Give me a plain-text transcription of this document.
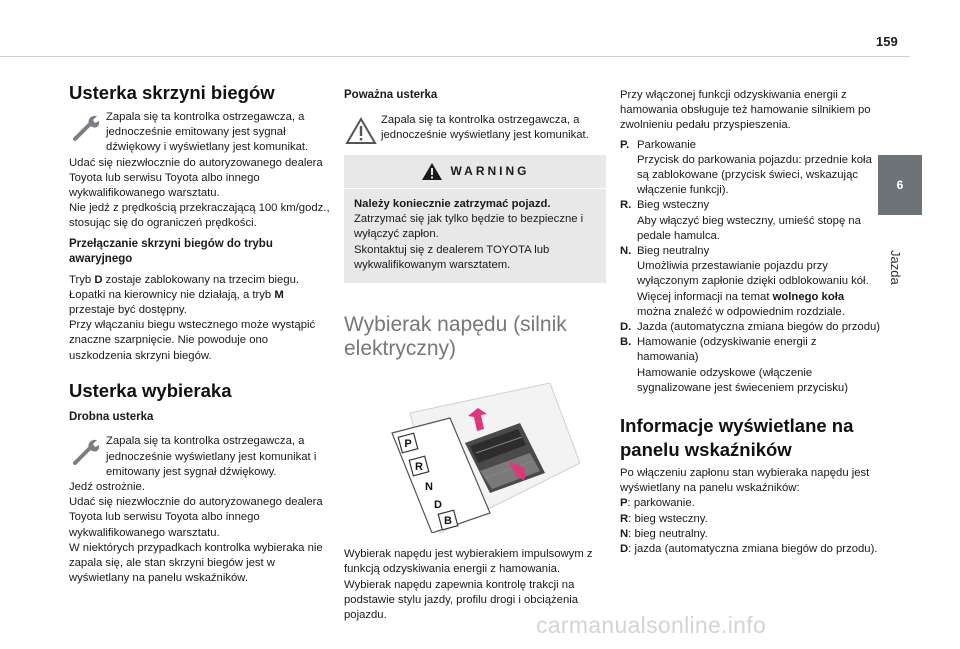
159
6
Jazda
Usterka skrzyni biegów

Zapala się ta kontrolka ostrzegawcza, a jednocześnie emitowany jest sygnał dźwiękowy i wyświetlany jest komunikat.

Udać się niezwłocznie do autoryzowanego dealera Toyota lub serwisu Toyota albo innego wykwalifikowanego warsztatu.

Nie jedź z prędkością przekraczającą 100 km/godz., stosując się do ograniczeń prędkości.

Przełączanie skrzyni biegów do trybu awaryjnego

Tryb D zostaje zablokowany na trzecim biegu.

Łopatki na kierownicy nie działają, a tryb M przestaje być dostępny.

Przy włączaniu biegu wstecznego może wystąpić znaczne szarpnięcie. Nie powoduje ono uszkodzenia skrzyni biegów.

Usterka wybieraka
Drobna usterka

Zapala się ta kontrolka ostrzegawcza, a jednocześnie wyświetlany jest komunikat i emitowany jest sygnał dźwiękowy.

Jedź ostrożnie.

Udać się niezwłocznie do autoryzowanego dealera Toyota lub serwisu Toyota albo innego wykwalifikowanego warsztatu.

W niektórych przypadkach kontrolka wybieraka nie zapala się, ale stan skrzyni biegów jest w wyświetlany na panelu wskaźników.

Poważna usterka

Zapala się ta kontrolka ostrzegawcza, a jednocześnie wyświetlany jest komunikat.

WARNING

Należy koniecznie zatrzymać pojazd.

Zatrzymać się jak tylko będzie to bezpieczne i wyłączyć zapłon.

Skontaktuj się z dealerem TOYOTA lub wykwalifikowanym warsztatem.

Wybierak napędu (silnik elektryczny)
P
R
N
D
B

Wybierak napędu jest wybierakiem impulsowym z funkcją odzyskiwania energii z hamowania.

Wybierak napędu zapewnia kontrolę trakcji na podstawie stylu jazdy, profilu drogi i obciążenia pojazdu.

Przy włączonej funkcji odzyskiwania energii z hamowania obsługuje też hamowanie silnikiem po zwolnieniu pedału przyspieszenia.

P. Parkowanie
Przycisk do parkowania pojazdu: przednie koła są zablokowane (przycisk świeci, wskazując włączenie funkcji).
R. Bieg wsteczny
Aby włączyć bieg wsteczny, umieść stopę na pedale hamulca.
N. Bieg neutralny
Umożliwia przestawianie pojazdu przy wyłączonym zapłonie dzięki odblokowaniu kół.
Więcej informacji na temat wolnego koła można znaleźć w odpowiednim rozdziale.
D. Jazda (automatyczna zmiana biegów do przodu)
B. Hamowanie (odzyskiwanie energii z hamowania)
Hamowanie odzyskowe (włączenie sygnalizowane jest świeceniem przycisku)
Informacje wyświetlane na panelu wskaźników

Po włączeniu zapłonu stan wybieraka napędu jest wyświetlany na panelu wskaźników:

P: parkowanie.

R: bieg wsteczny.

N: bieg neutralny.

D: jazda (automatyczna zmiana biegów do przodu).

carmanualsonline.info
